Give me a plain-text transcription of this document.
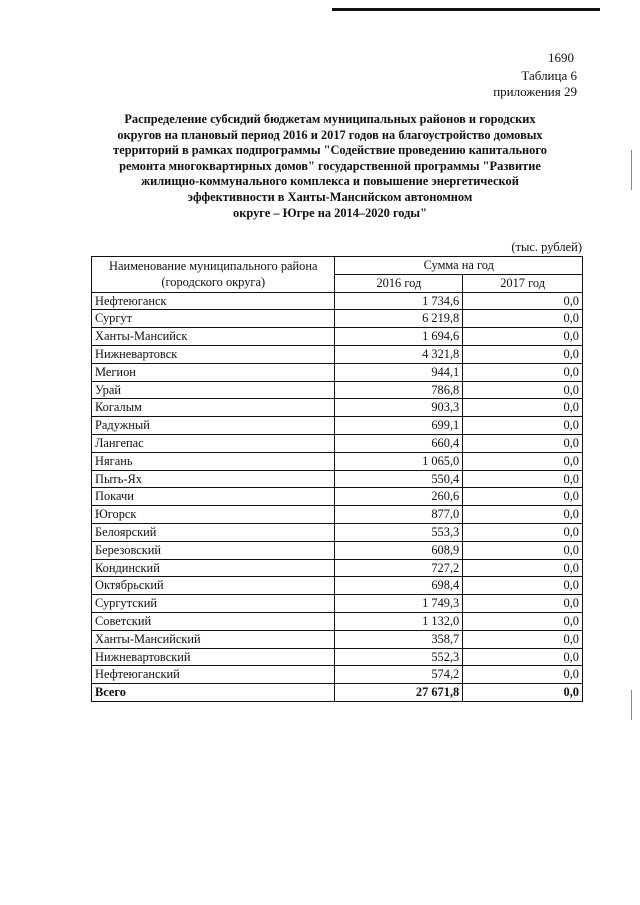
1690
Таблица 6
приложения 29
Распределение субсидий бюджетам муниципальных районов и городских
округов на плановый период 2016 и 2017 годов на благоустройство домовых
территорий в рамках подпрограммы "Содействие проведению капитального
ремонта многоквартирных домов" государственной программы "Развитие
жилищно-коммунального комплекса и повышение энергетической
эффективности в Ханты-Мансийском автономном
округе – Югре на 2014–2020 годы"
(тыс. рублей)
Наименование муниципального района
(городского округа)	Сумма на год	
	2016 год	2017 год
Нефтеюганск	1 734,6	0,0
Сургут	6 219,8	0,0
Ханты-Мансийск	1 694,6	0,0
Нижневартовск	4 321,8	0,0
Мегион	944,1	0,0
Урай	786,8	0,0
Когалым	903,3	0,0
Радужный	699,1	0,0
Лангепас	660,4	0,0
Нягань	1 065,0	0,0
Пыть-Ях	550,4	0,0
Покачи	260,6	0,0
Югорск	877,0	0,0
Белоярский	553,3	0,0
Березовский	608,9	0,0
Кондинский	727,2	0,0
Октябрьский	698,4	0,0
Сургутский	1 749,3	0,0
Советский	1 132,0	0,0
Ханты-Мансийский	358,7	0,0
Нижневартовский	552,3	0,0
Нефтеюганский	574,2	0,0
Всего	27 671,8	0,0
